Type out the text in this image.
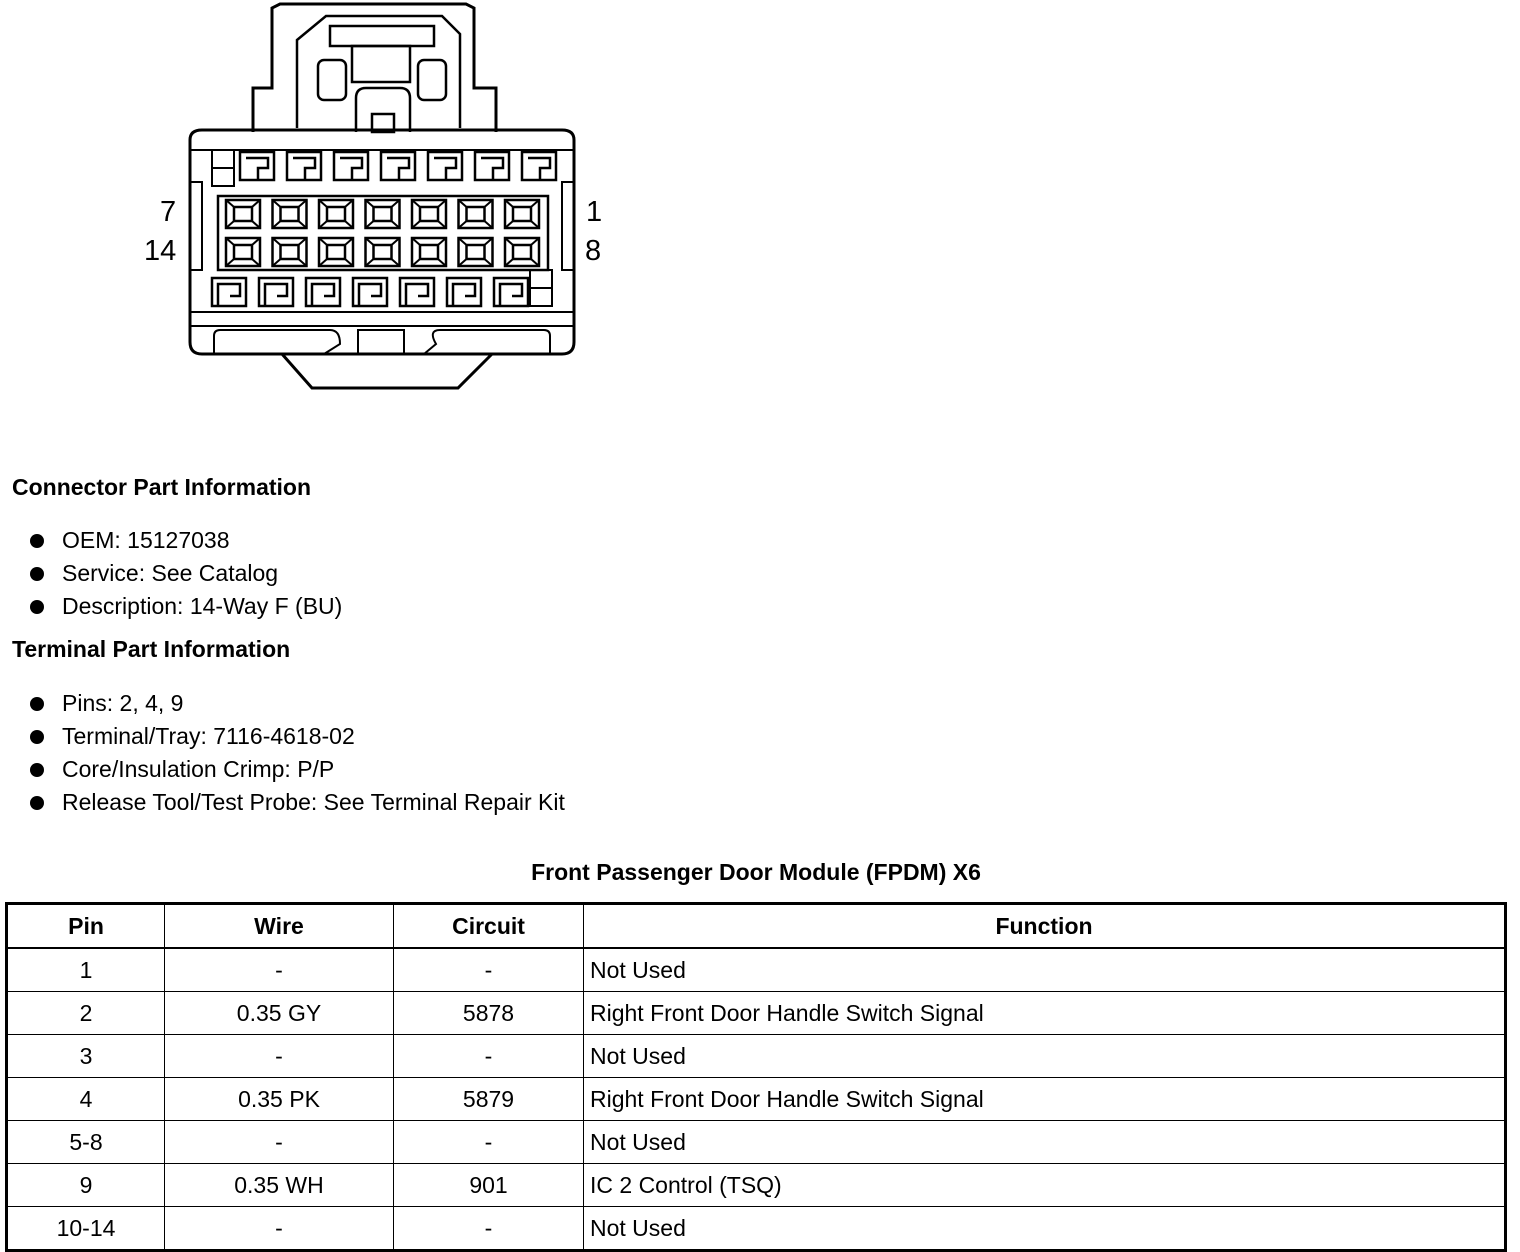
7
14
1
8
Connector Part Information
OEM: 15127038
Service: See Catalog
Description: 14-Way F (BU)
Terminal Part Information
Pins: 2, 4, 9
Terminal/Tray: 7116-4618-02
Core/Insulation Crimp: P/P
Release Tool/Test Probe: See Terminal Repair Kit
Front Passenger Door Module (FPDM) X6
Pin	Wire	Circuit	Function
1	-	-	Not Used
2	0.35 GY	5878	Right Front Door Handle Switch Signal
3	-	-	Not Used
4	0.35 PK	5879	Right Front Door Handle Switch Signal
5-8	-	-	Not Used
9	0.35 WH	901	IC 2 Control (TSQ)
10-14	-	-	Not Used
